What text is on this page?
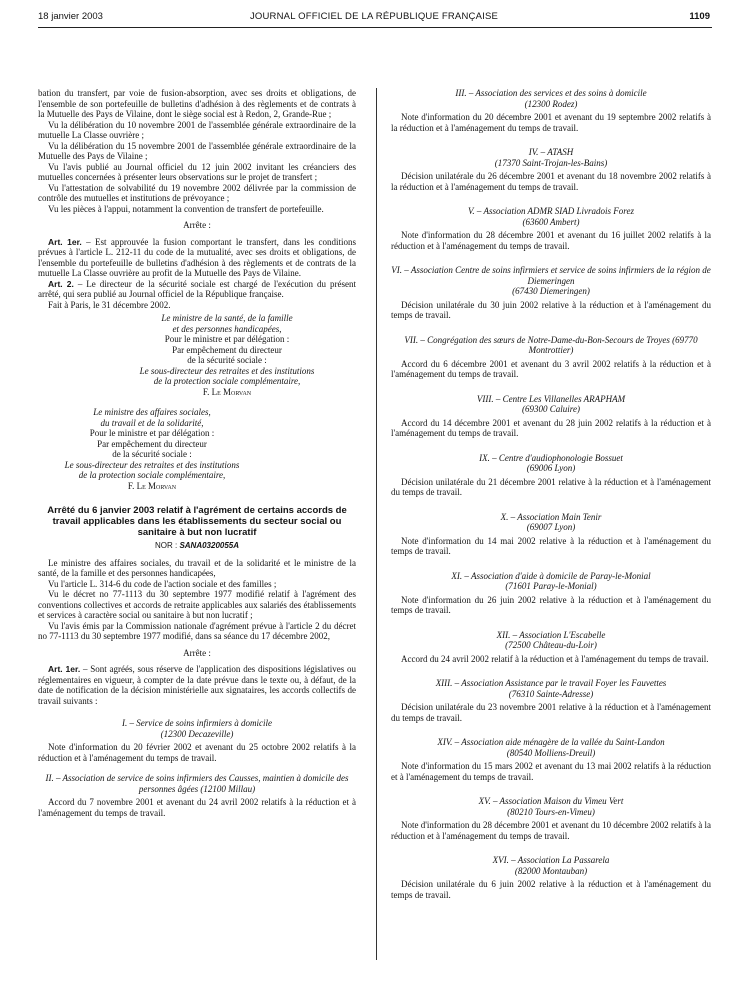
18 janvier 2003	JOURNAL OFFICIEL DE LA RÉPUBLIQUE FRANÇAISE	1109

bation du transfert, par voie de fusion-absorption, avec ses droits et obligations, de l'ensemble de son portefeuille de bulletins d'adhésion à des règlements et de contrats à la Mutuelle des Pays de Vilaine, dont le siège social est à Redon, 2, Grande-Rue ;

Vu la délibération du 10 novembre 2001 de l'assemblée générale extraordinaire de la mutuelle La Classe ouvrière ;

Vu la délibération du 15 novembre 2001 de l'assemblée générale extraordinaire de la Mutuelle des Pays de Vilaine ;

Vu l'avis publié au Journal officiel du 12 juin 2002 invitant les créanciers des mutuelles concernées à présenter leurs observations sur le projet de transfert ;

Vu l'attestation de solvabilité du 19 novembre 2002 délivrée par la commission de contrôle des mutuelles et institutions de prévoyance ;

Vu les pièces à l'appui, notamment la convention de transfert de portefeuille.

Arrête :

Art. 1er. – Est approuvée la fusion comportant le transfert, dans les conditions prévues à l'article L. 212-11 du code de la mutualité, avec ses droits et obligations, de l'ensemble du portefeuille de bulletins d'adhésion à des règlements et de contrats de la mutuelle La Classe ouvrière au profit de la Mutuelle des Pays de Vilaine.

Art. 2. – Le directeur de la sécurité sociale est chargé de l'exécution du présent arrêté, qui sera publié au Journal officiel de la République française.

Fait à Paris, le 31 décembre 2002.

Le ministre de la santé, de la famille
et des personnes handicapées,
Pour le ministre et par délégation :
Par empêchement du directeur
de la sécurité sociale :
Le sous-directeur des retraites et des institutions
de la protection sociale complémentaire,
F. Le Morvan
Le ministre des affaires sociales,
du travail et de la solidarité,
Pour le ministre et par délégation :
Par empêchement du directeur
de la sécurité sociale :
Le sous-directeur des retraites et des institutions
de la protection sociale complémentaire,
F. Le Morvan
Arrêté du 6 janvier 2003 relatif à l'agrément de certains accords de travail applicables dans les établissements du secteur social ou sanitaire à but non lucratif
NOR : SANA0320055A

Le ministre des affaires sociales, du travail et de la solidarité et le ministre de la santé, de la famille et des personnes handicapées,

Vu l'article L. 314-6 du code de l'action sociale et des familles ;

Vu le décret no 77-1113 du 30 septembre 1977 modifié relatif à l'agrément des conventions collectives et accords de retraite applicables aux salariés des établissements et services à caractère social ou sanitaire à but non lucratif ;

Vu l'avis émis par la Commission nationale d'agrément prévue à l'article 2 du décret no 77-1113 du 30 septembre 1977 modifié, dans sa séance du 17 décembre 2002,

Arrête :

Art. 1er. – Sont agréés, sous réserve de l'application des dispositions législatives ou réglementaires en vigueur, à compter de la date prévue dans le texte ou, à défaut, de la date de notification de la décision ministérielle aux signataires, les accords collectifs de travail suivants :

I. – Service de soins infirmiers à domicile
(12300 Decazeville)

Note d'information du 20 février 2002 et avenant du 25 octobre 2002 relatifs à la réduction et à l'aménagement du temps de travail.

II. – Association de service de soins infirmiers des Causses, maintien à domicile des personnes âgées (12100 Millau)

Accord du 7 novembre 2001 et avenant du 24 avril 2002 relatifs à la réduction et à l'aménagement du temps de travail.

III. – Association des services et des soins à domicile
(12300 Rodez)

Note d'information du 20 décembre 2001 et avenant du 19 septembre 2002 relatifs à la réduction et à l'aménagement du temps de travail.

IV. – ATASH
(17370 Saint-Trojan-les-Bains)

Décision unilatérale du 26 décembre 2001 et avenant du 18 novembre 2002 relatifs à la réduction et à l'aménagement du temps de travail.

V. – Association ADMR SIAD Livradois Forez
(63600 Ambert)

Note d'information du 28 décembre 2001 et avenant du 16 juillet 2002 relatifs à la réduction et à l'aménagement du temps de travail.

VI. – Association Centre de soins infirmiers et service de soins infirmiers de la région de Diemeringen
(67430 Diemeringen)

Décision unilatérale du 30 juin 2002 relative à la réduction et à l'aménagement du temps de travail.

VII. – Congrégation des sœurs de Notre-Dame-du-Bon-Secours de Troyes (69770 Montrottier)

Accord du 6 décembre 2001 et avenant du 3 avril 2002 relatifs à la réduction et à l'aménagement du temps de travail.

VIII. – Centre Les Villanelles ARAPHAM
(69300 Caluire)

Accord du 14 décembre 2001 et avenant du 28 juin 2002 relatifs à la réduction et à l'aménagement du temps de travail.

IX. – Centre d'audiophonologie Bossuet
(69006 Lyon)

Décision unilatérale du 21 décembre 2001 relative à la réduction et à l'aménagement du temps de travail.

X. – Association Main Tenir
(69007 Lyon)

Note d'information du 14 mai 2002 relative à la réduction et à l'aménagement du temps de travail.

XI. – Association d'aide à domicile de Paray-le-Monial
(71601 Paray-le-Monial)

Note d'information du 26 juin 2002 relative à la réduction et à l'aménagement du temps de travail.

XII. – Association L'Escabelle
(72500 Château-du-Loir)

Accord du 24 avril 2002 relatif à la réduction et à l'aménagement du temps de travail.

XIII. – Association Assistance par le travail Foyer les Fauvettes
(76310 Sainte-Adresse)

Décision unilatérale du 23 novembre 2001 relative à la réduction et à l'aménagement du temps de travail.

XIV. – Association aide ménagère de la vallée du Saint-Landon
(80540 Molliens-Dreuil)

Note d'information du 15 mars 2002 et avenant du 13 mai 2002 relatifs à la réduction et à l'aménagement du temps de travail.

XV. – Association Maison du Vimeu Vert
(80210 Tours-en-Vimeu)

Note d'information du 28 décembre 2001 et avenant du 10 décembre 2002 relatifs à la réduction et à l'aménagement du temps de travail.

XVI. – Association La Passarela
(82000 Montauban)

Décision unilatérale du 6 juin 2002 relative à la réduction et à l'aménagement du temps de travail.
